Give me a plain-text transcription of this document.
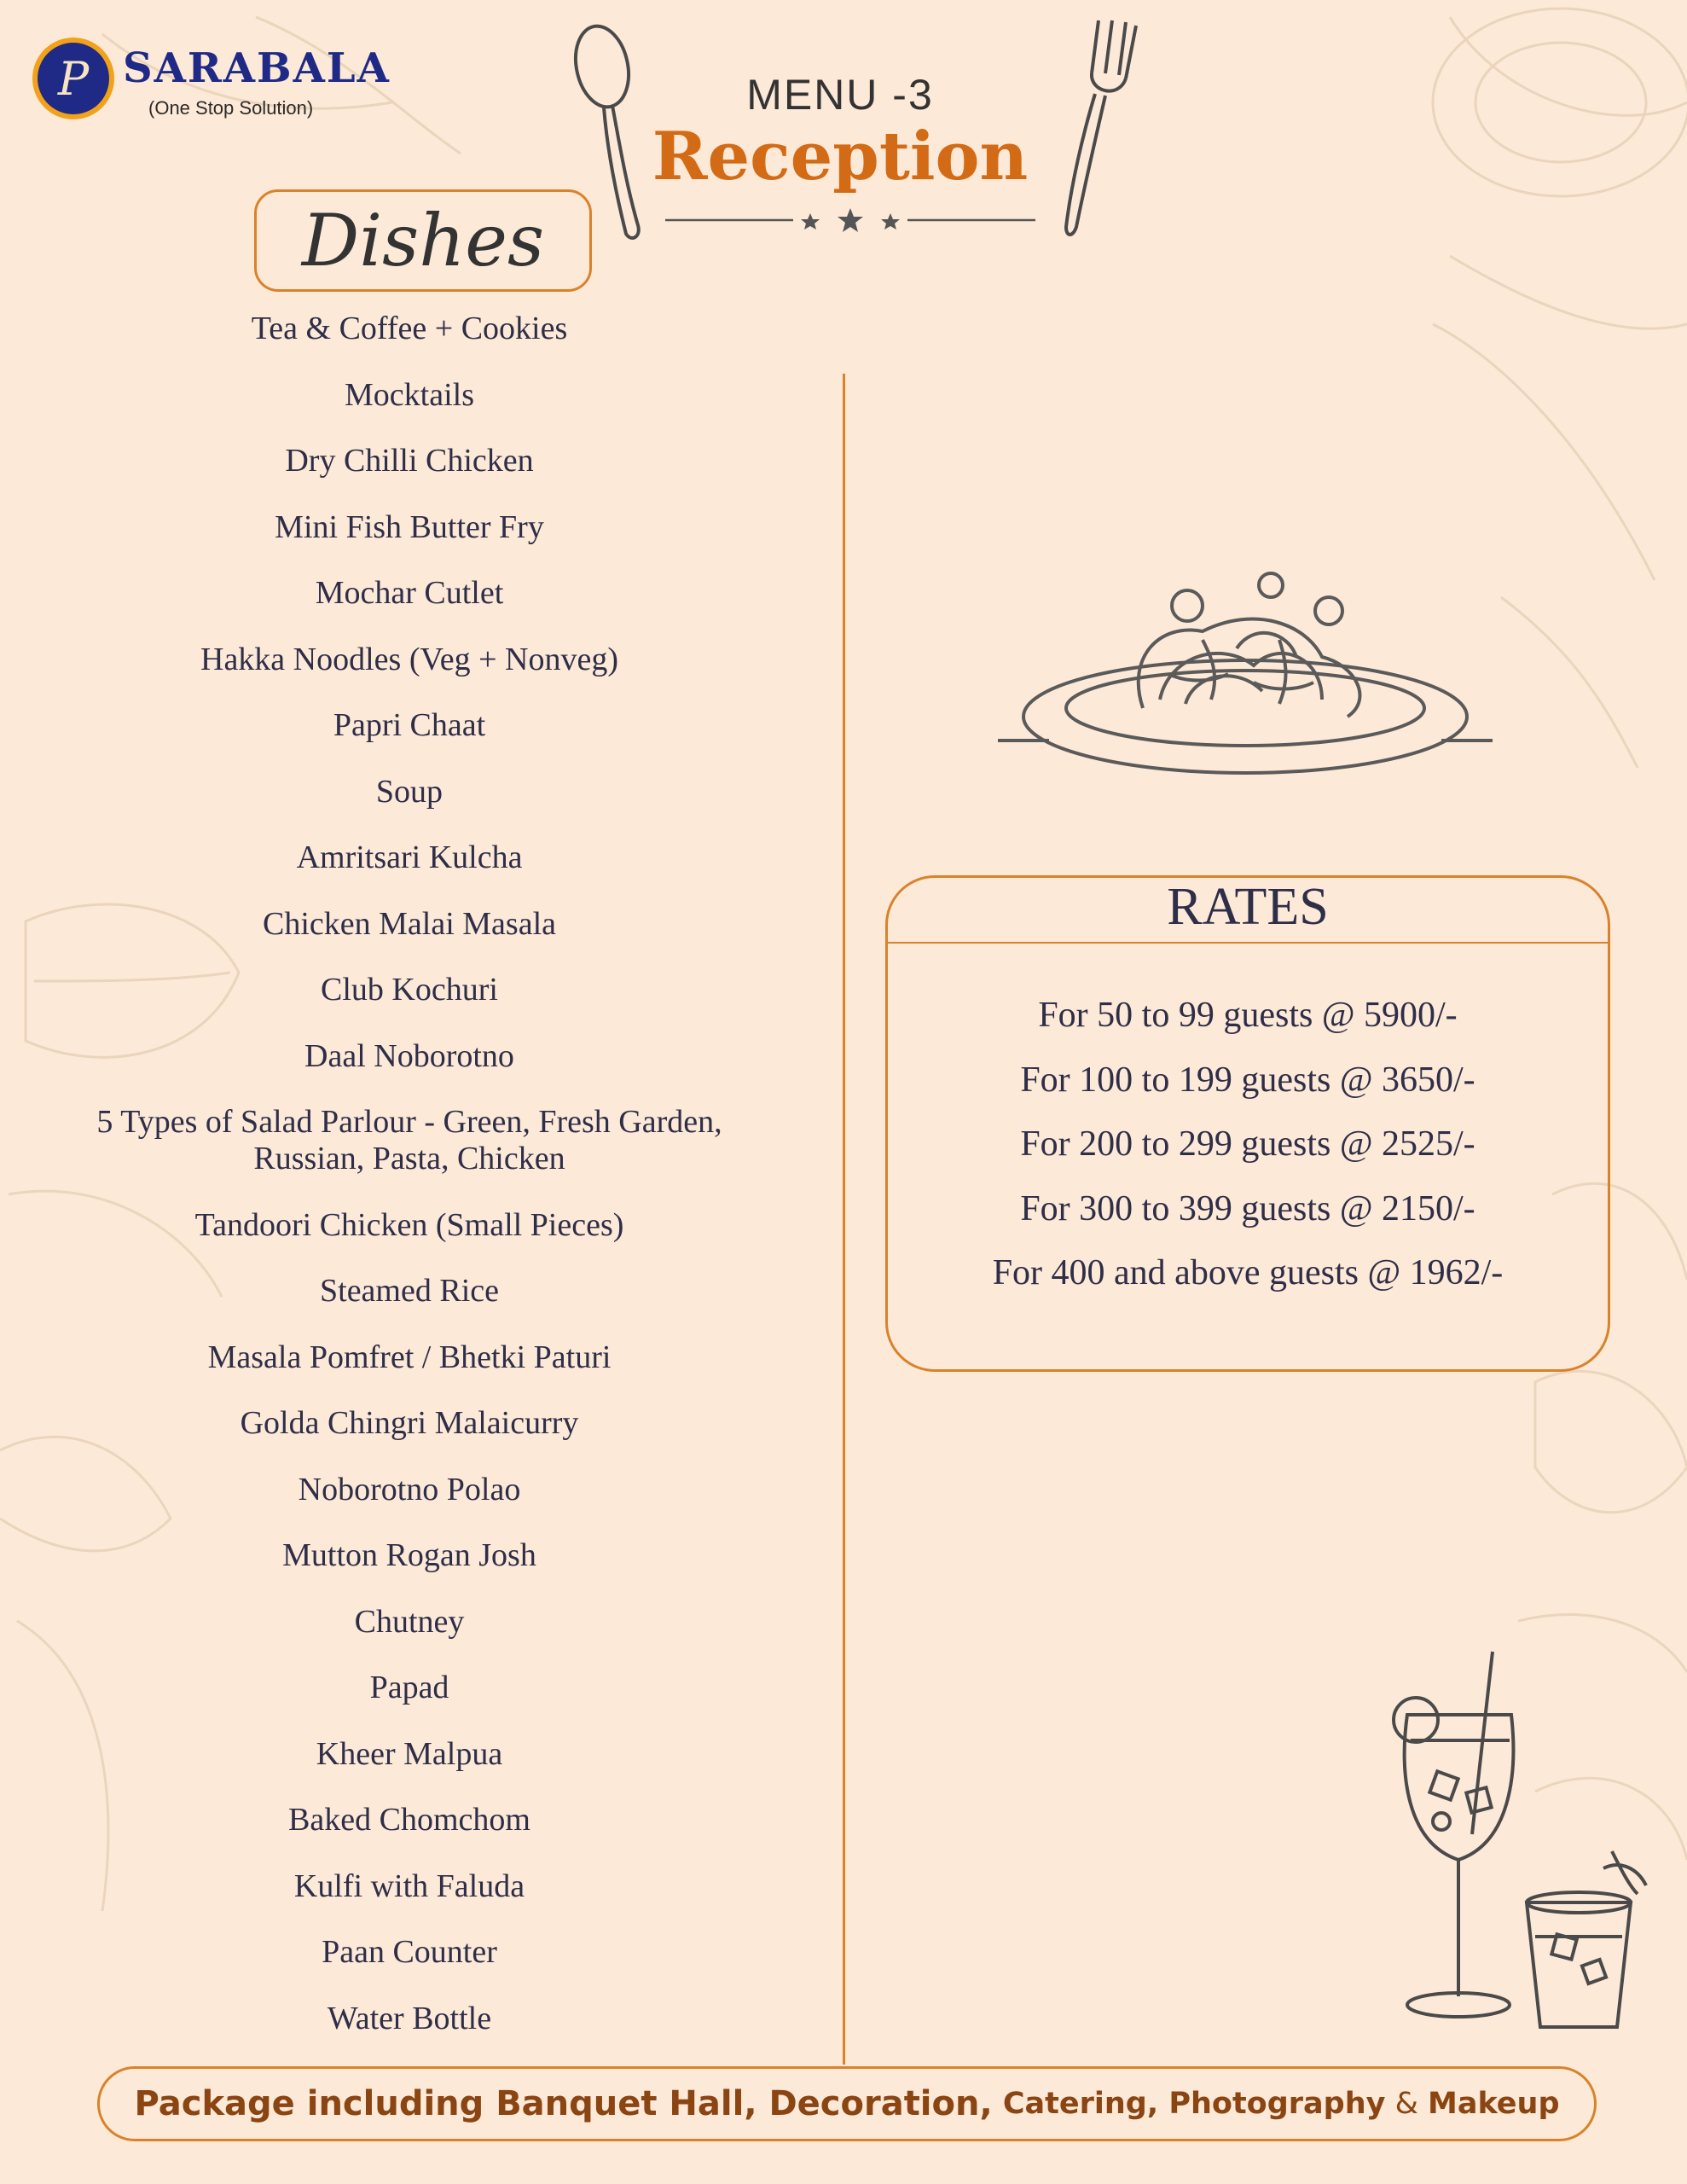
P SARABALA
(One Stop Solution)	MENU -3
Reception
Dishes
Tea & Coffee + Cookies
Mocktails
Dry Chilli Chicken
Mini Fish Butter Fry
Mochar Cutlet
Hakka Noodles (Veg + Nonveg)
Papri Chaat
Soup
Amritsari Kulcha
Chicken Malai Masala
Club Kochuri
Daal Noborotno
5 Types of Salad Parlour - Green, Fresh Garden,
Russian, Pasta, Chicken
Tandoori Chicken (Small Pieces)
Steamed Rice
Masala Pomfret / Bhetki Paturi
Golda Chingri Malaicurry
Noborotno Polao
Mutton Rogan Josh
Chutney
Papad
Kheer Malpua
Baked Chomchom
Kulfi with Faluda
Paan Counter
Water Bottle
RATES
For 50 to 99 guests @ 5900/-
For 100 to 199 guests @ 3650/-
For 200 to 299 guests @ 2525/-
For 300 to 399 guests @ 2150/-
For 400 and above guests @ 1962/-
Package including Banquet Hall, Decoration, Catering, Photography & Makeup
